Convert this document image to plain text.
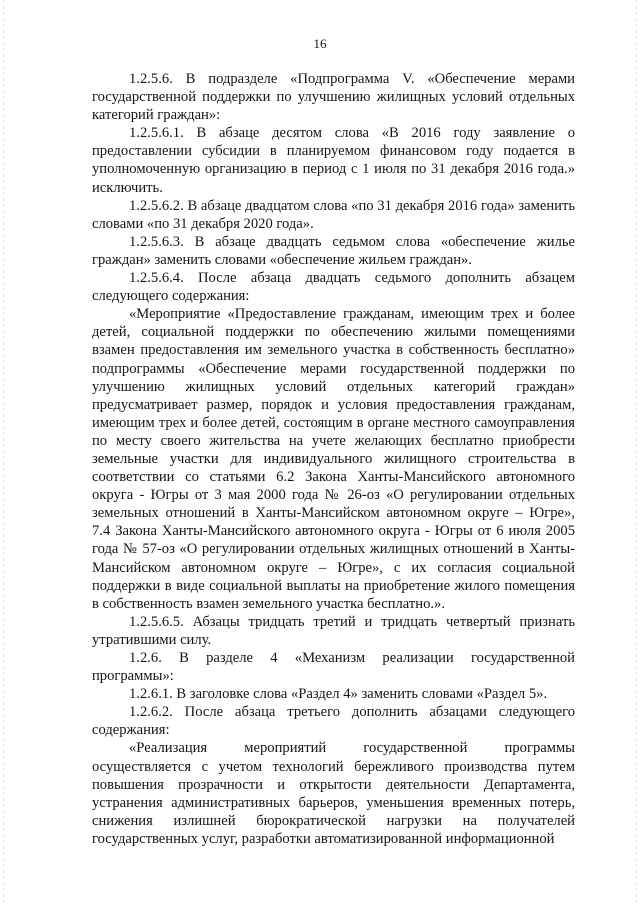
16

1.2.5.6. В подразделе «Подпрограмма V. «Обеспечение мерами государственной поддержки по улучшению жилищных условий отдельных категорий граждан»:

1.2.5.6.1. В абзаце десятом слова «В 2016 году заявление о предоставлении субсидии в планируемом финансовом году подается в уполномоченную организацию в период с 1 июля по 31 декабря 2016 года.» исключить.

1.2.5.6.2. В абзаце двадцатом слова «по 31 декабря 2016 года» заменить словами «по 31 декабря 2020 года».

1.2.5.6.3. В абзаце двадцать седьмом слова «обеспечение жилье граждан» заменить словами «обеспечение жильем граждан».

1.2.5.6.4. После абзаца двадцать седьмого дополнить абзацем следующего содержания:

«Мероприятие «Предоставление гражданам, имеющим трех и более детей, социальной поддержки по обеспечению жилыми помещениями взамен предоставления им земельного участка в собственность бесплатно» подпрограммы «Обеспечение мерами государственной поддержки по улучшению жилищных условий отдельных категорий граждан» предусматривает размер, порядок и условия предоставления гражданам, имеющим трех и более детей, состоящим в органе местного самоуправления по месту своего жительства на учете желающих бесплатно приобрести земельные участки для индивидуального жилищного строительства в соответствии со статьями 6.2 Закона Ханты-Мансийского автономного округа - Югры от 3 мая 2000 года № 26-оз «О регулировании отдельных земельных отношений в Ханты-Мансийском автономном округе – Югре», 7.4 Закона Ханты-Мансийского автономного округа - Югры от 6 июля 2005 года № 57-оз «О регулировании отдельных жилищных отношений в Ханты-Мансийском автономном округе – Югре», с их согласия социальной поддержки в виде социальной выплаты на приобретение жилого помещения в собственность взамен земельного участка бесплатно.».

1.2.5.6.5. Абзацы тридцать третий и тридцать четвертый признать утратившими силу.

1.2.6. В разделе 4 «Механизм реализации государственной программы»:

1.2.6.1. В заголовке слова «Раздел 4» заменить словами «Раздел 5».

1.2.6.2. После абзаца третьего дополнить абзацами следующего содержания:

«Реализация мероприятий государственной программы осуществляется с учетом технологий бережливого производства путем повышения прозрачности и открытости деятельности Департамента, устранения административных барьеров, уменьшения временных потерь, снижения излишней бюрократической нагрузки на получателей государственных услуг, разработки автоматизированной информационной
